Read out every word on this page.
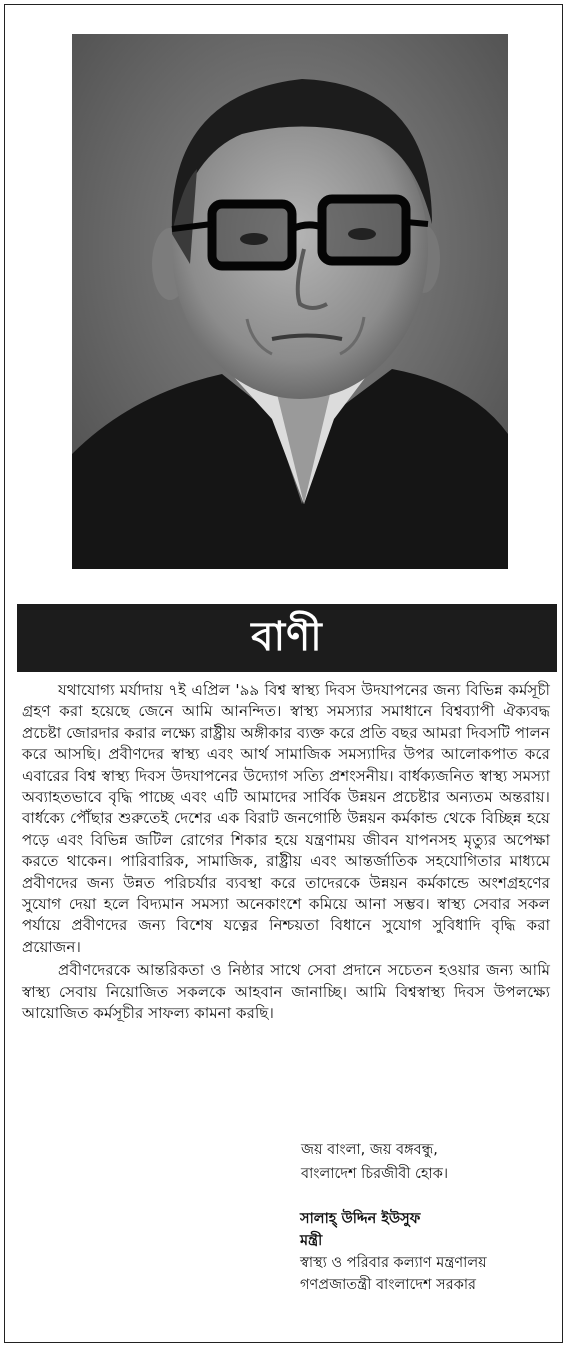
বাণী

যথাযোগ্য মর্যাদায় ৭ই এপ্রিল '৯৯ বিশ্ব স্বাস্থ্য দিবস উদযাপনের জন্য বিভিন্ন কর্মসূচী গ্রহণ করা হয়েছে জেনে আমি আনন্দিত। স্বাস্থ্য সমস্যার সমাধানে বিশ্বব্যাপী ঐক্যবদ্ধ প্রচেষ্টা জোরদার করার লক্ষ্যে রাষ্ট্রীয় অঙ্গীকার ব্যক্ত করে প্রতি বছর আমরা দিবসটি পালন করে আসছি। প্রবীণদের স্বাস্থ্য এবং আর্থ সামাজিক সমস্যাদির উপর আলোকপাত করে এবারের বিশ্ব স্বাস্থ্য দিবস উদযাপনের উদ্যোগ সত্যি প্রশংসনীয়। বার্ধক্যজনিত স্বাস্থ্য সমস্যা অব্যাহতভাবে বৃদ্ধি পাচ্ছে এবং এটি আমাদের সার্বিক উন্নয়ন প্রচেষ্টার অন্যতম অন্তরায়। বার্ধক্যে পৌঁছার শুরুতেই দেশের এক বিরাট জনগোষ্ঠি উন্নয়ন কর্মকান্ড থেকে বিচ্ছিন্ন হয়ে পড়ে এবং বিভিন্ন জটিল রোগের শিকার হয়ে যন্ত্রণাময় জীবন যাপনসহ মৃত্যুর অপেক্ষা করতে থাকেন। পারিবারিক, সামাজিক, রাষ্ট্রীয় এবং আন্তর্জাতিক সহযোগিতার মাধ্যমে প্রবীণদের জন্য উন্নত পরিচর্যার ব্যবস্থা করে তাদেরকে উন্নয়ন কর্মকান্ডে অংশগ্রহণের সুযোগ দেয়া হলে বিদ্যমান সমস্যা অনেকাংশে কমিয়ে আনা সম্ভব। স্বাস্থ্য সেবার সকল পর্যায়ে প্রবীণদের জন্য বিশেষ যত্নের নিশ্চয়তা বিধানে সুযোগ সুবিধাদি বৃদ্ধি করা প্রয়োজন।

প্রবীণদেরকে আন্তরিকতা ও নিষ্ঠার সাথে সেবা প্রদানে সচেতন হওয়ার জন্য আমি স্বাস্থ্য সেবায় নিয়োজিত সকলকে আহবান জানাচ্ছি। আমি বিশ্বস্বাস্থ্য দিবস উপলক্ষ্যে আয়োজিত কর্মসূচীর সাফল্য কামনা করছি।

জয় বাংলা, জয় বঙ্গবন্ধু,
বাংলাদেশ চিরজীবী হোক।
সালাহ্ উদ্দিন ইউসুফ
মন্ত্রী
স্বাস্থ্য ও পরিবার কল্যাণ মন্ত্রণালয়
গণপ্রজাতন্ত্রী বাংলাদেশ সরকার
